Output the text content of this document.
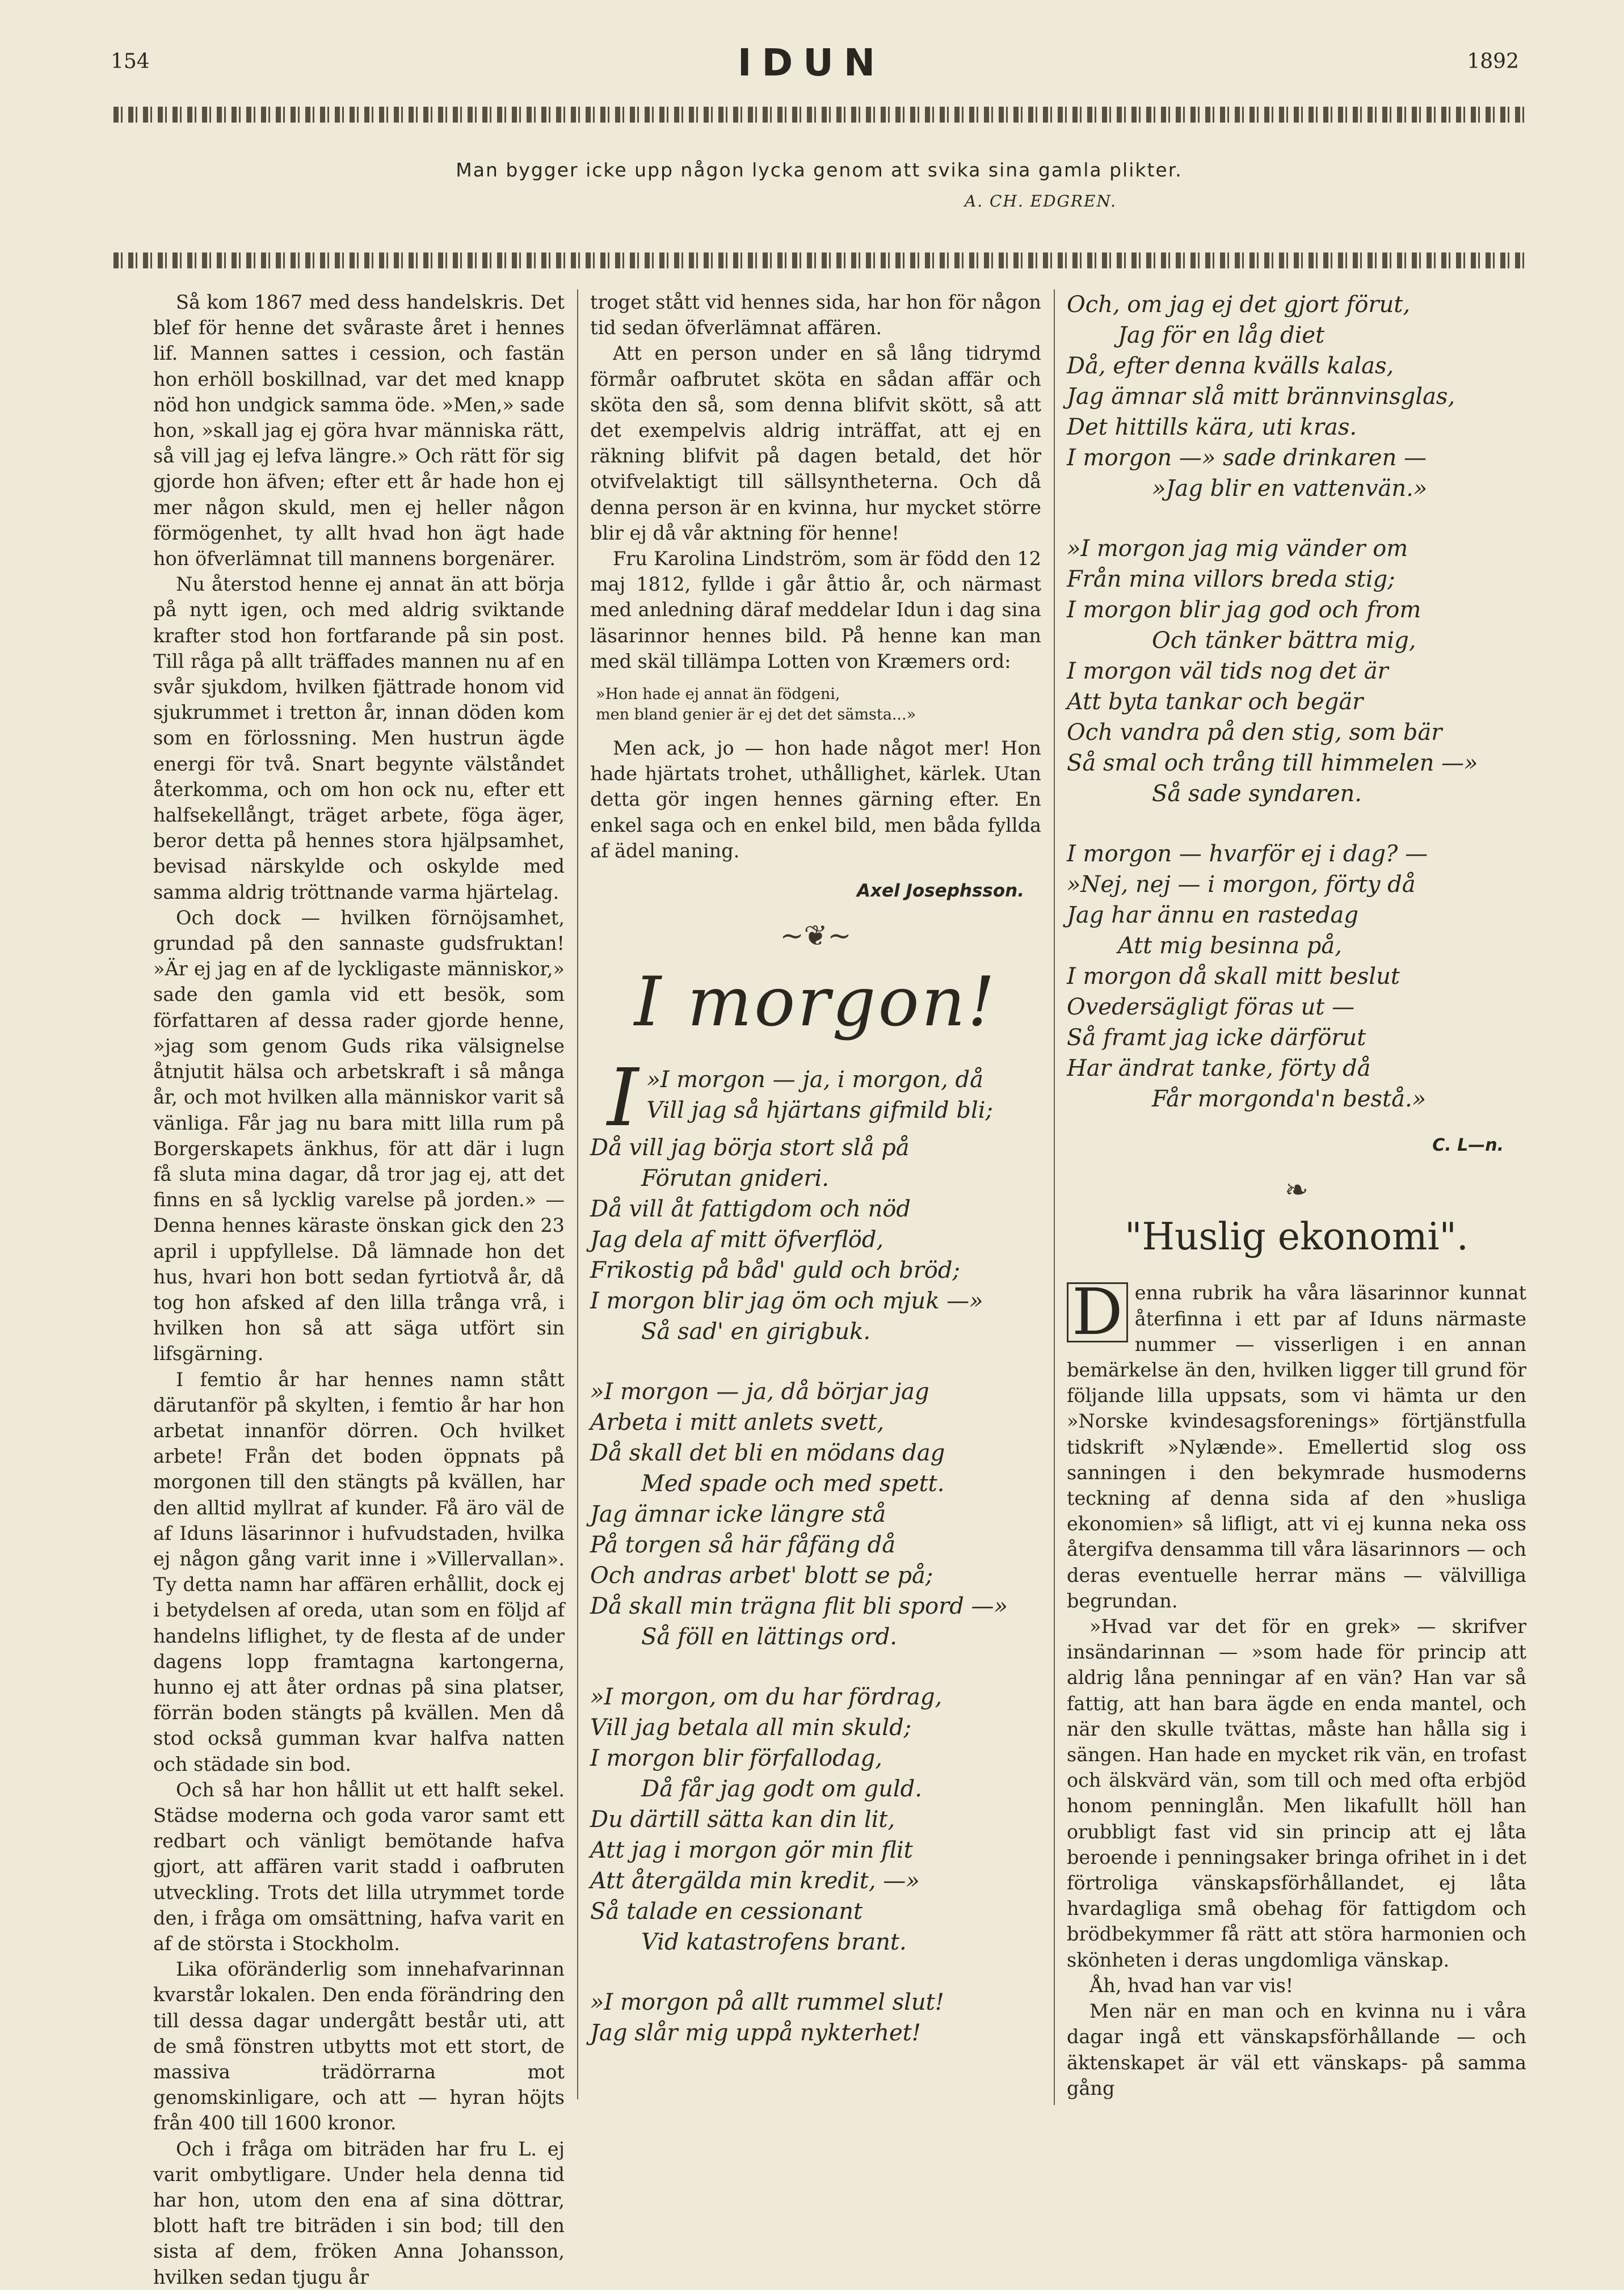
154	IDUN	1892
Man bygger icke upp någon lycka genom att svika sina gamla plikter.
A. CH. EDGREN.

Så kom 1867 med dess handelskris. Det blef för henne det svåraste året i hennes lif. Mannen sattes i cession, och fastän hon erhöll boskillnad, var det med knapp nöd hon undgick samma öde. »Men,» sade hon, »skall jag ej göra hvar människa rätt, så vill jag ej lefva längre.» Och rätt för sig gjorde hon äfven; efter ett år hade hon ej mer någon skuld, men ej heller någon förmögenhet, ty allt hvad hon ägt hade hon öfverlämnat till mannens borgenärer.

Nu återstod henne ej annat än att börja på nytt igen, och med aldrig sviktande krafter stod hon fortfarande på sin post. Till råga på allt träffades mannen nu af en svår sjukdom, hvilken fjättrade honom vid sjukrummet i tretton år, innan döden kom som en förlossning. Men hustrun ägde energi för två. Snart begynte välståndet återkomma, och om hon ock nu, efter ett halfsekellångt, träget arbete, föga äger, beror detta på hennes stora hjälpsamhet, bevisad närskylde och oskylde med samma aldrig tröttnande varma hjärtelag.

Och dock — hvilken förnöjsamhet, grundad på den sannaste gudsfruktan! »Är ej jag en af de lyckligaste människor,» sade den gamla vid ett besök, som författaren af dessa rader gjorde henne, »jag som genom Guds rika välsignelse åtnjutit hälsa och arbetskraft i så många år, och mot hvilken alla människor varit så vänliga. Får jag nu bara mitt lilla rum på Borgerskapets änkhus, för att där i lugn få sluta mina dagar, då tror jag ej, att det finns en så lycklig varelse på jorden.» — Denna hennes käraste önskan gick den 23 april i uppfyllelse. Då lämnade hon det hus, hvari hon bott sedan fyrtiotvå år, då tog hon afsked af den lilla trånga vrå, i hvilken hon så att säga utfört sin lifsgärning.

I femtio år har hennes namn stått därutanför på skylten, i femtio år har hon arbetat innanför dörren. Och hvilket arbete! Från det boden öppnats på morgonen till den stängts på kvällen, har den alltid myllrat af kunder. Få äro väl de af Iduns läsarinnor i hufvudstaden, hvilka ej någon gång varit inne i »Villervallan». Ty detta namn har affären erhållit, dock ej i betydelsen af oreda, utan som en följd af handelns liflighet, ty de flesta af de under dagens lopp framtagna kartongerna, hunno ej att åter ordnas på sina platser, förrän boden stängts på kvällen. Men då stod också gumman kvar halfva natten och städade sin bod.

Och så har hon hållit ut ett halft sekel. Städse moderna och goda varor samt ett redbart och vänligt bemötande hafva gjort, att affären varit stadd i oafbruten utveckling. Trots det lilla utrymmet torde den, i fråga om omsättning, hafva varit en af de största i Stockholm.

Lika oföränderlig som innehafvarinnan kvarstår lokalen. Den enda förändring den till dessa dagar undergått består uti, att de små fönstren utbytts mot ett stort, de massiva trädörrarna mot genomskinligare, och att — hyran höjts från 400 till 1600 kronor.

Och i fråga om biträden har fru L. ej varit ombytligare. Under hela denna tid har hon, utom den ena af sina döttrar, blott haft tre biträden i sin bod; till den sista af dem, fröken Anna Johansson, hvilken sedan tjugu år

troget stått vid hennes sida, har hon för någon tid sedan öfverlämnat affären.

Att en person under en så lång tidrymd förmår oafbrutet sköta en sådan affär och sköta den så, som denna blifvit skött, så att det exempelvis aldrig inträffat, att ej en räkning blifvit på dagen betald, det hör otvifvelaktigt till sällsyntheterna. Och då denna person är en kvinna, hur mycket större blir ej då vår aktning för henne!

Fru Karolina Lindström, som är född den 12 maj 1812, fyllde i går åttio år, och närmast med anledning däraf meddelar Idun i dag sina läsarinnor hennes bild. På henne kan man med skäl tillämpa Lotten von Kræmers ord:

»Hon hade ej annat än födgeni,
men bland genier är ej det det sämsta...»

Men ack, jo — hon hade något mer! Hon hade hjärtats trohet, uthållighet, kärlek. Utan detta gör ingen hennes gärning efter. En enkel saga och en enkel bild, men båda fyllda af ädel maning.

Axel Josephsson.
~❦~
I morgon!
I »I morgon — ja, i morgon, då
Vill jag så hjärtans gifmild bli;
Då vill jag börja stort slå på
Förutan gnideri.
Då vill åt fattigdom och nöd
Jag dela af mitt öfverflöd,
Frikostig på båd' guld och bröd;
I morgon blir jag öm och mjuk —»
Så sad' en girigbuk.
»I morgon — ja, då börjar jag
Arbeta i mitt anlets svett,
Då skall det bli en mödans dag
Med spade och med spett.
Jag ämnar icke längre stå
På torgen så här fåfäng då
Och andras arbet' blott se på;
Då skall min trägna flit bli spord —»
Så föll en lättings ord.
»I morgon, om du har fördrag,
Vill jag betala all min skuld;
I morgon blir förfallodag,
Då får jag godt om guld.
Du därtill sätta kan din lit,
Att jag i morgon gör min flit
Att återgälda min kredit, —»
Så talade en cessionant
Vid katastrofens brant.
»I morgon på allt rummel slut!
Jag slår mig uppå nykterhet!
Och, om jag ej det gjort förut,
Jag för en låg diet
Då, efter denna kvälls kalas,
Jag ämnar slå mitt brännvinsglas,
Det hittills kära, uti kras.
I morgon —» sade drinkaren —
»Jag blir en vattenvän.»
»I morgon jag mig vänder om
Från mina villors breda stig;
I morgon blir jag god och from
Och tänker bättra mig,
I morgon väl tids nog det är
Att byta tankar och begär
Och vandra på den stig, som bär
Så smal och trång till himmelen —»
Så sade syndaren.
I morgon — hvarför ej i dag? —
»Nej, nej — i morgon, förty då
Jag har ännu en rastedag
Att mig besinna på,
I morgon då skall mitt beslut
Ovedersägligt föras ut —
Så framt jag icke därförut
Har ändrat tanke, förty då
Får morgonda'n bestå.»
C. L—n.
❧
"Huslig ekonomi".

D enna rubrik ha våra läsarinnor kunnat återfinna i ett par af Iduns närmaste nummer — visserligen i en annan bemärkelse än den, hvilken ligger till grund för följande lilla uppsats, som vi hämta ur den »Norske kvindesagsforenings» förtjänstfulla tidskrift »Nylænde». Emellertid slog oss sanningen i den bekymrade husmoderns teckning af denna sida af den »husliga ekonomien» så lifligt, att vi ej kunna neka oss återgifva densamma till våra läsarinnors — och deras eventuelle herrar mäns — välvilliga begrundan.

»Hvad var det för en grek» — skrifver insändarinnan — »som hade för princip att aldrig låna penningar af en vän? Han var så fattig, att han bara ägde en enda mantel, och när den skulle tvättas, måste han hålla sig i sängen. Han hade en mycket rik vän, en trofast och älskvärd vän, som till och med ofta erbjöd honom penninglån. Men likafullt höll han orubbligt fast vid sin princip att ej låta beroende i penningsaker bringa ofrihet in i det förtroliga vänskapsförhållandet, ej låta hvardagliga små obehag för fattigdom och brödbekymmer få rätt att störa harmonien och skönheten i deras ungdomliga vänskap.

Åh, hvad han var vis!

Men när en man och en kvinna nu i våra dagar ingå ett vänskapsförhållande — och äktenskapet är väl ett vänskaps- på samma gång
